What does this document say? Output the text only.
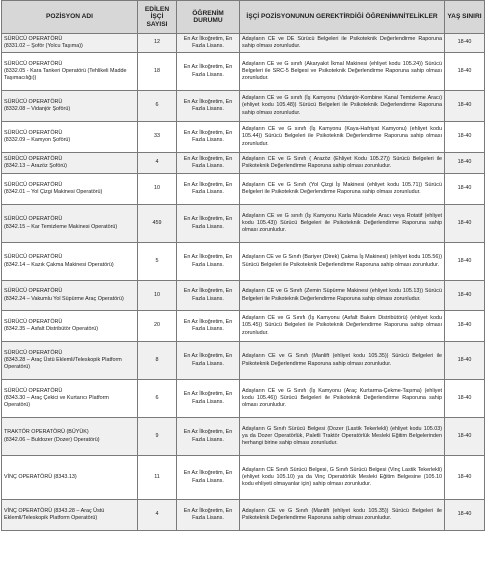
POZİSYON ADI	EDİLEN İŞÇİ SAYISI	ÖĞRENİM DURUMU	İŞÇİ POZİSYONUNUN GEREKTİRDİĞİ ÖĞRENİM/NİTELİKLER	YAŞ SINIRI

SÜRÜCÜ OPERATÖRÜ
(8331.02 – Şoför (Yolcu Taşıma))	12	En Az İlkoğretim, En Fazla Lisans.	Adayların CE ve DE Sürücü Belgeleri ile Psikoteknik Değerlendirme Raporuna sahip olması zorunludur.	18-40

SÜRÜCÜ OPERATÖRÜ
(8332.05 - Kara Tankeri Operatörü (Tehlikeli Madde Taşımacılığı))	18	En Az İlkoğretim, En Fazla Lisans.	Adayların CE ve G sınıfı (Akaryakıt İkmal Makinesi (ehliyet kodu 105.24)) Sürücü Belgeleri ile SRC-5 Belgesi ve Psikoteknik Değerlendirme Raporuna sahip olması zorunludur.	18-40

SÜRÜCÜ OPERATÖRÜ
(8332.08 – Vidanjör Şoförü)	6	En Az İlkoğretim, En Fazla Lisans.	Adayların CE ve G sınıfı (İş Kamyonu (Vidanjör-Kombine Kanal Temizleme Aracı) (ehliyet kodu 105.48)) Sürücü Belgeleri ile Psikoteknik Değerlendirme Raporuna sahip olması zorunludur.	18-40

SÜRÜCÜ OPERATÖRÜ
(8332.09 – Kamyon Şoförü)	33	En Az İlkoğretim, En Fazla Lisans.	Adayların CE ve G sınıfı (İş Kamyonu (Kaya-Hafriyat Kamyonu) (ehliyet kodu 105.44)) Sürücü Belgeleri ile Psikoteknik Değerlendirme Raporuna sahip olması zorunludur.	18-40

SÜRÜCÜ OPERATÖRÜ
(8342.13 – Arazöz Şoförü)	4	En Az İlkoğretim, En Fazla Lisans.	Adayların CE ve G Sınıfı ( Arazöz (Ehliyet Kodu 105.27)) Sürücü Belgeleri ile Psikoteknik Değerlendirme Raporuna sahip olması zorunludur.	18-40

SÜRÜCÜ OPERATÖRÜ
(8342.01 – Yol Çizgi Makinesi Operatörü)	10	En Az İlkoğretim, En Fazla Lisans.	Adayların CE ve G Sınıfı (Yol Çizgi İş Makinesi (ehliyet kodu 105.71)) Sürücü Belgeleri ile Psikoteknik Değerlendirme Raporuna sahip olması zorunludur.	18-40

SÜRÜCÜ OPERATÖRÜ
(8342.15 – Kar Temizleme Makinesi Operatörü)	459	En Az İlkoğretim, En Fazla Lisans.	Adayların CE ve G sınıfı (İş Kamyonu Karla Mücadele Aracı veya Rotatif (ehliyet kodu 105.43)) Sürücü Belgeleri ile Psikoteknik Değerlendirme Raporuna sahip olması zorunludur.	18-40

SÜRÜCÜ OPERATÖRÜ
(8342.14 – Kazık Çakma Makinesi Operatörü)	5	En Az İlkoğretim, En Fazla Lisans.	Adayların CE ve G Sınıfı (Bariyer (Direk) Çakma İş Makinesi) (ehliyet kodu 105.56)) Sürücü Belgeleri ile Psikoteknik Değerlendirme Raporuna sahip olması zorunludur.	18-40

SÜRÜCÜ OPERATÖRÜ
(8342.24 – Vakumlu Yol Süpürme Araç Operatörü)	10	En Az İlkoğretim, En Fazla Lisans.	Adayların CE ve G Sınıfı (Zemin Süpürme Makinesi (ehliyet kodu 105.13)) Sürücü Belgeleri ile Psikoteknik Değerlendirme Raporuna sahip olması zorunludur.	18-40

SÜRÜCÜ OPERATÖRÜ
(8342.35 – Asfalt Distribütör Operatörü)	20	En Az İlkoğretim, En Fazla Lisans.	Adayların CE ve G Sınıfı (İş Kamyonu (Asfalt Bakım Distribütörü) (ehliyet kodu 105.45)) Sürücü Belgeleri ile Psikoteknik Değerlendirme Raporuna sahip olması zorunludur.	18-40

SÜRÜCÜ OPERATÖRÜ
(8343.28 – Araç Üstü Eklemli/Teleskopik Platform Operatörü)	8	En Az İlkoğretim, En Fazla Lisans.	Adayların CE ve G Sınıfı (Manlift (ehliyet kodu 105.35)) Sürücü Belgeleri ile Psikoteknik Değerlendirme Raporuna sahip olması zorunludur.	18-40

SÜRÜCÜ OPERATÖRÜ
(8343.30 – Araç Çekici ve Kurtarıcı Platform Operatörü)	6	En Az İlkoğretim, En Fazla Lisans.	Adayların CE ve G Sınıfı (İş Kamyonu (Araç Kurtarma-Çekme-Taşıma) (ehliyet kodu 105.46)) Sürücü Belgeleri ile Psikoteknik Değerlendirme Raporuna sahip olması zorunludur.	18-40

TRAKTÖR OPERATÖRÜ (BÜYÜK)
(8342.06 – Buldozer (Dozer) Operatörü)	9	En Az İlkoğretim, En Fazla Lisans.	Adayların G Sınıfı Sürücü Belgesi (Dozer (Lastik Tekerlekli) (ehliyet kodu 105.03) ya da Dozer Operatörlük, Paletli Traktör Operatörlük Mesleki Eğitim Belgelerinden herhangi birine sahip olması zorunludur.	18-40

VİNÇ OPERATÖRÜ (8343.13)	11	En Az İlkoğretim, En Fazla Lisans.	Adayların CE Sınıfı Sürücü Belgesi, G Sınıfı Sürücü Belgesi (Vinç Lastik Tekerlekli) (ehliyet kodu 105.10) ya da Vinç Operatörlük Mesleki Eğitim Belgesine (105.10 kodu ehliyeti olmayanlar için) sahip olması zorunludur.	18-40

VİNÇ OPERATÖRÜ (8343.28 – Araç Üstü Eklemli/Teleskopik Platform Operatörü)	4	En Az İlkoğretim, En Fazla Lisans.	Adayların CE ve G Sınıfı (Manlift (ehliyet kodu 105.35)) Sürücü Belgeleri ile Psikoteknik Değerlendirme Raporuna sahip olması zorunludur.	18-40
